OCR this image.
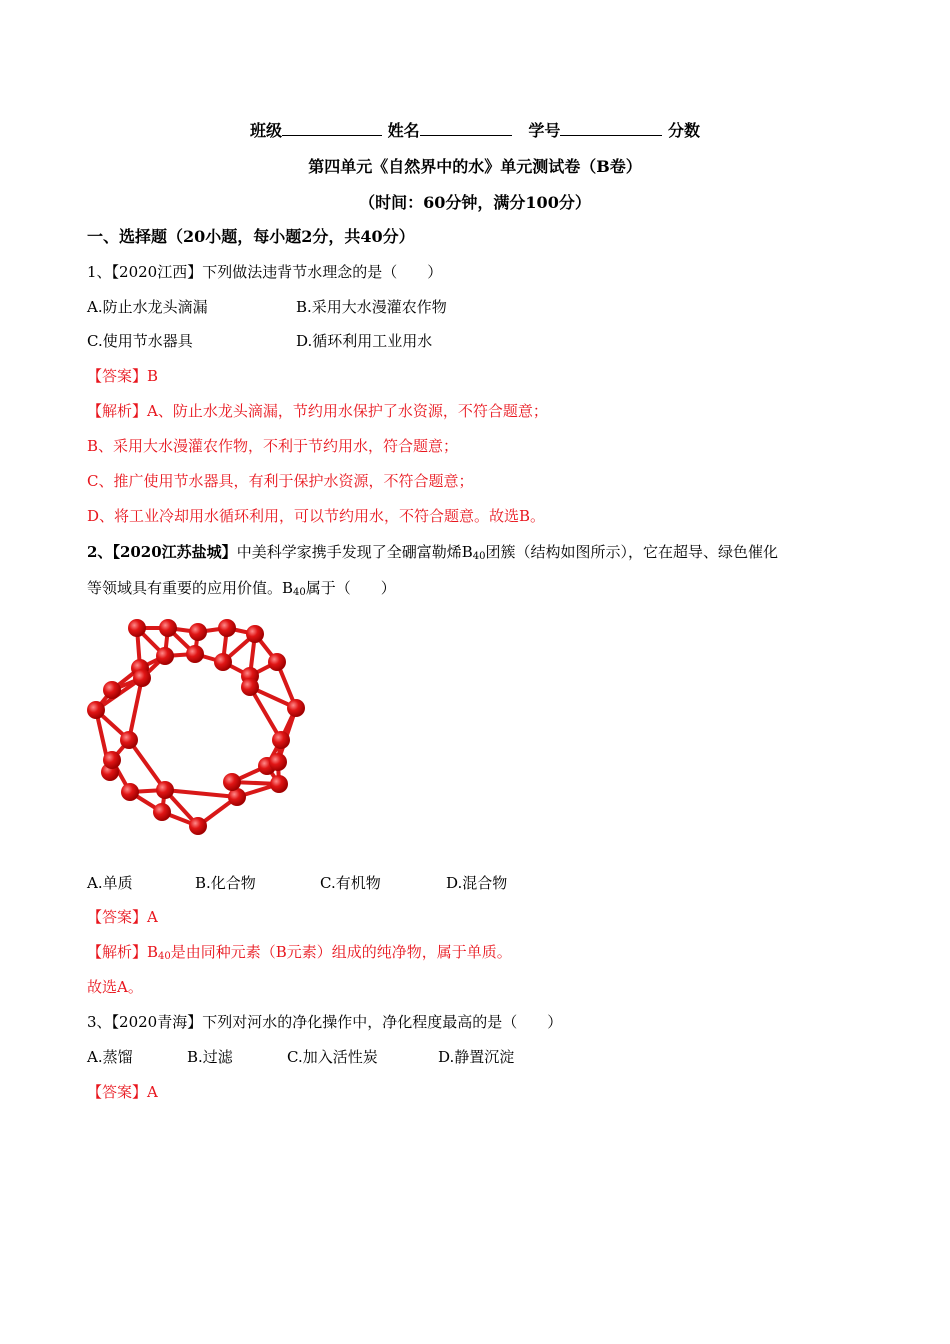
班级	姓名	学号	分数
第四单元《自然界中的水》单元测试卷（B卷）
（时间：60分钟，满分100分）
一、选择题（20小题，每小题2分，共40分）
1、【2020江西】下列做法违背节水理念的是（　　）
A.防止水龙头滴漏	B.采用大水漫灌农作物
C.使用节水器具	D.循环利用工业用水
【答案】B
【解析】A、防止水龙头滴漏，节约用水保护了水资源，不符合题意；
B、采用大水漫灌农作物，不利于节约用水，符合题意；
C、推广使用节水器具，有利于保护水资源，不符合题意；
D、将工业冷却用水循环利用，可以节约用水，不符合题意。故选B。
2、【2020江苏盐城】中美科学家携手发现了全硼富勒烯$B_{40}$团簇（结构如图所示），它在超导、绿色催化
等领域具有重要的应用价值。$B_{40}$属于（　　）
A.单质	B.化合物	C.有机物	D.混合物
【答案】A
【解析】$B_{40}$是由同种元素（B元素）组成的纯净物，属于单质。
故选A。
3、【2020青海】下列对河水的净化操作中，净化程度最高的是（　　）
A.蒸馏	B.过滤	C.加入活性炭	D.静置沉淀
【答案】A
